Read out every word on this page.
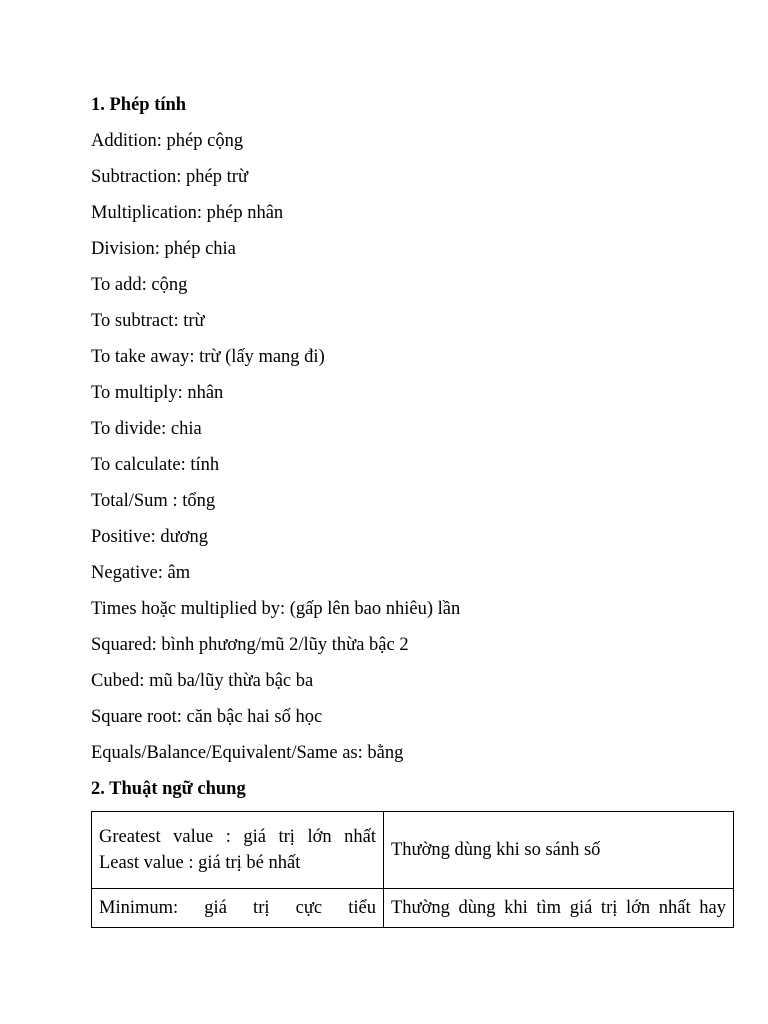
1. Phép tính
Addition: phép cộng
Subtraction: phép trừ
Multiplication: phép nhân
Division: phép chia
To add: cộng
To subtract: trừ
To take away: trừ (lấy mang đi)
To multiply: nhân
To divide: chia
To calculate: tính
Total/Sum : tổng
Positive: dương
Negative: âm
Times hoặc multiplied by: (gấp lên bao nhiêu) lần
Squared: bình phương/mũ 2/lũy thừa bậc 2
Cubed: mũ ba/lũy thừa bậc ba
Square root: căn bậc hai số học
Equals/Balance/Equivalent/Same as: bằng
2. Thuật ngữ chung
Greatest value : giá trị lớn nhất
Least value : giá trị bé nhất	Thường dùng khi so sánh số

Minimum: giá trị cực tiểu	Thường dùng khi tìm giá trị lớn nhất hay
